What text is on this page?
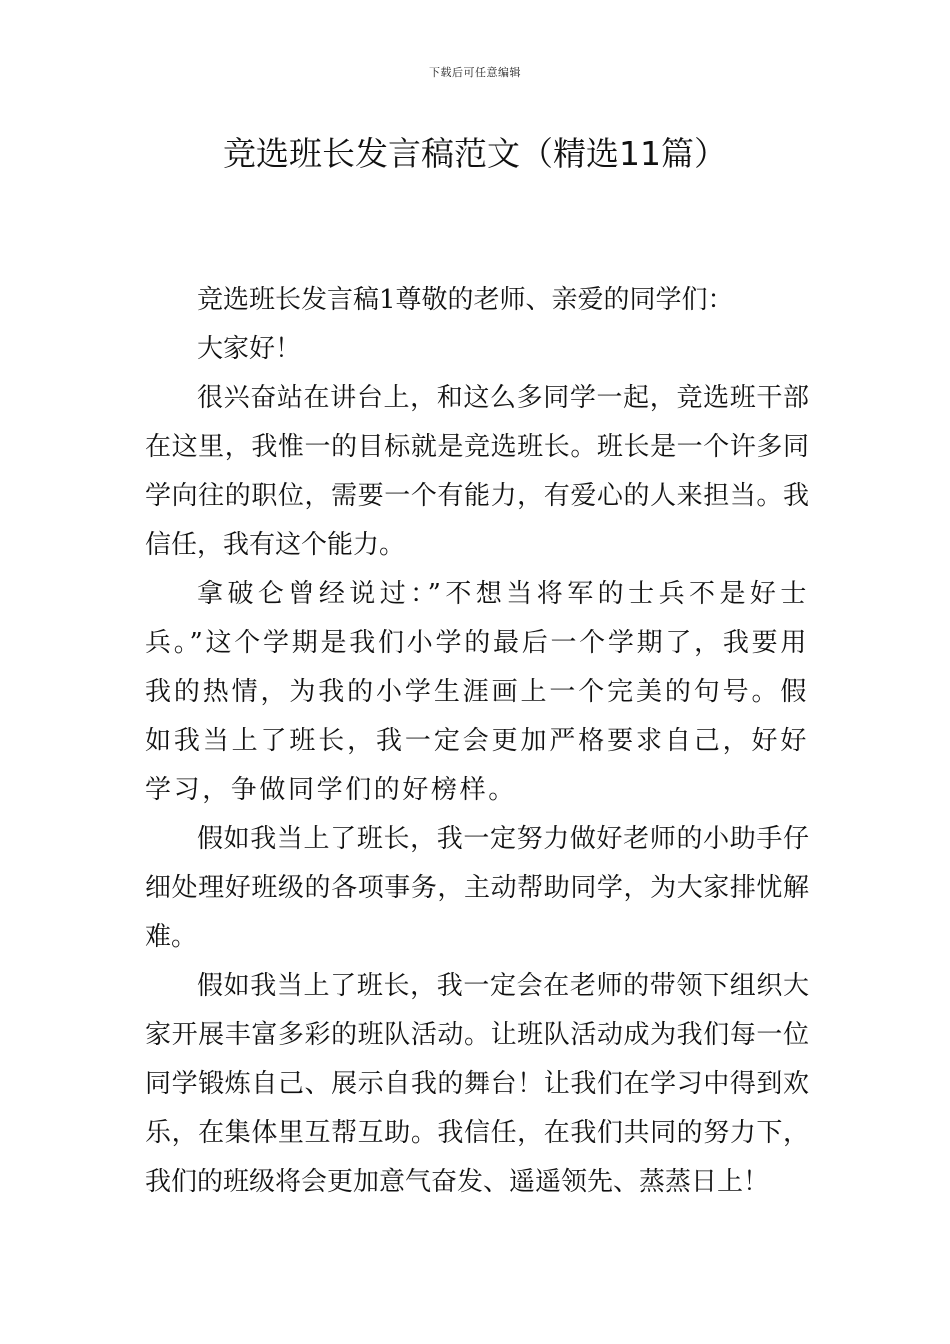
下载后可任意编辑
竞选班长发言稿范文（精选11篇）

竞选班长发言稿1尊敬的老师、亲爱的同学们：

大家好！

很兴奋站在讲台上，和这么多同学一起，竞选班干部在这里，我惟一的目标就是竞选班长。班长是一个许多同学向往的职位，需要一个有能力，有爱心的人来担当。我信任，我有这个能力。

拿破仑曾经说过：”不想当将军的士兵不是好士兵。”这个学期是我们小学的最后一个学期了，我要用我的热情，为我的小学生涯画上一个完美的句号。假如我当上了班长，我一定会更加严格要求自己，好好学习，争做同学们的好榜样。

假如我当上了班长，我一定努力做好老师的小助手仔细处理好班级的各项事务，主动帮助同学，为大家排忧解难。

假如我当上了班长，我一定会在老师的带领下组织大家开展丰富多彩的班队活动。让班队活动成为我们每一位同学锻炼自己、展示自我的舞台！让我们在学习中得到欢乐，在集体里互帮互助。我信任，在我们共同的努力下，我们的班级将会更加意气奋发、遥遥领先、蒸蒸日上！
